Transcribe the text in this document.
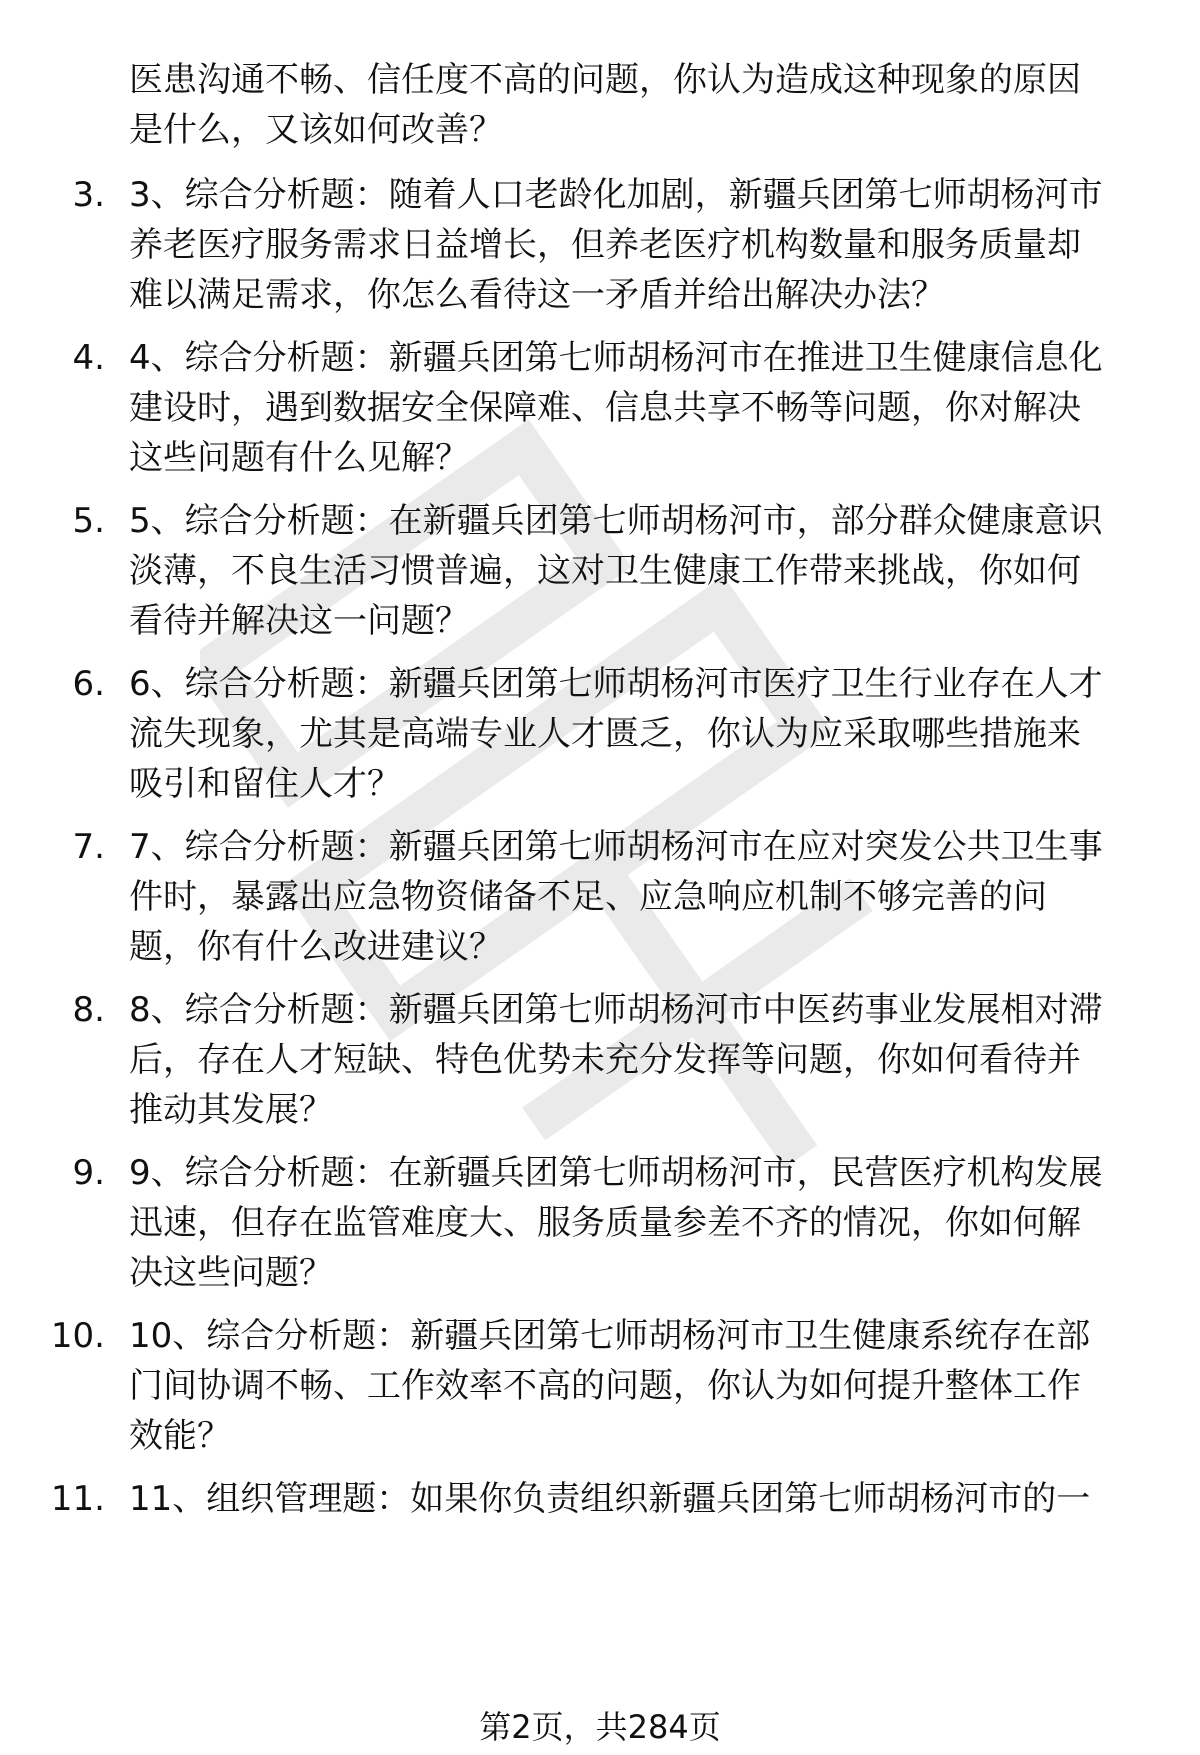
医患沟通不畅、信任度不高的问题，你认为造成这种现象的原因
是什么，又该如何改善？
3. 3、综合分析题：随着人口老龄化加剧，新疆兵团第七师胡杨河市
养老医疗服务需求日益增长，但养老医疗机构数量和服务质量却
难以满足需求，你怎么看待这一矛盾并给出解决办法？
4. 4、综合分析题：新疆兵团第七师胡杨河市在推进卫生健康信息化
建设时，遇到数据安全保障难、信息共享不畅等问题，你对解决
这些问题有什么见解？
5. 5、综合分析题：在新疆兵团第七师胡杨河市，部分群众健康意识
淡薄，不良生活习惯普遍，这对卫生健康工作带来挑战，你如何
看待并解决这一问题？
6. 6、综合分析题：新疆兵团第七师胡杨河市医疗卫生行业存在人才
流失现象，尤其是高端专业人才匮乏，你认为应采取哪些措施来
吸引和留住人才？
7. 7、综合分析题：新疆兵团第七师胡杨河市在应对突发公共卫生事
件时，暴露出应急物资储备不足、应急响应机制不够完善的问
题，你有什么改进建议？
8. 8、综合分析题：新疆兵团第七师胡杨河市中医药事业发展相对滞
后，存在人才短缺、特色优势未充分发挥等问题，你如何看待并
推动其发展？
9. 9、综合分析题：在新疆兵团第七师胡杨河市，民营医疗机构发展
迅速，但存在监管难度大、服务质量参差不齐的情况，你如何解
决这些问题？
10. 10、综合分析题：新疆兵团第七师胡杨河市卫生健康系统存在部
门间协调不畅、工作效率不高的问题，你认为如何提升整体工作
效能？
11. 11、组织管理题：如果你负责组织新疆兵团第七师胡杨河市的一
第2页，共284页
